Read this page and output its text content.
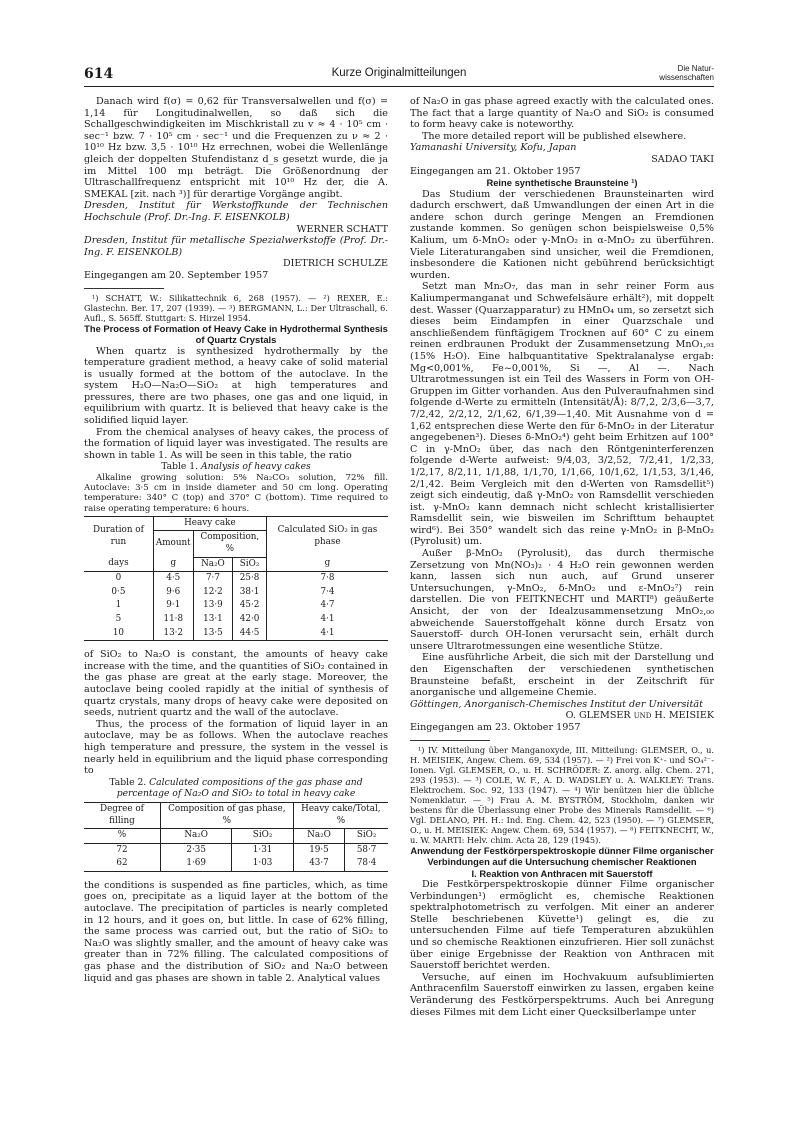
614	Kurze Originalmitteilungen	Die Natur-
wissenschaften

Danach wird f(σ) = 0,62 für Transversalwellen und f(σ) = 1,14 für Longitudinalwellen, so daß sich die Schallgeschwindigkeiten im Mischkristall zu v ≈ 4 · 10⁵ cm · sec⁻¹ bzw. 7 · 10⁵ cm · sec⁻¹ und die Frequenzen zu ν ≈ 2 · 10¹⁰ Hz bzw. 3,5 · 10¹⁰ Hz errechnen, wobei die Wellenlänge gleich der doppelten Stufendistanz d_s gesetzt wurde, die ja im Mittel 100 mμ beträgt. Die Größenordnung der Ultraschallfrequenz entspricht mit 10¹⁰ Hz der, die A. SMEKAL [zit. nach ³)] für derartige Vorgänge angibt.

Dresden, Institut für Werkstoffkunde der Technischen Hochschule (Prof. Dr.-Ing. F. EISENKOLB)

WERNER SCHATT

Dresden, Institut für metallische Spezialwerkstoffe (Prof. Dr.-Ing. F. EISENKOLB)

DIETRICH SCHULZE

Eingegangen am 20. September 1957

¹) SCHATT, W.: Silikattechnik 6, 268 (1957). — ²) REXER, E.: Glastechn. Ber. 17, 207 (1939). — ³) BERGMANN, L.: Der Ultraschall, 6. Aufl., S. 565ff. Stuttgart: S. Hirzel 1954.

The Process of Formation of Heavy Cake in Hydrothermal Synthesis of Quartz Crystals

When quartz is synthesized hydrothermally by the temperature gradient method, a heavy cake of solid material is usually formed at the bottom of the autoclave. In the system H₂O—Na₂O—SiO₂ at high temperatures and pressures, there are two phases, one gas and one liquid, in equilibrium with quartz. It is believed that heavy cake is the solidified liquid layer.

From the chemical analyses of heavy cakes, the process of the formation of liquid layer was investigated. The results are shown in table 1. As will be seen in this table, the ratio

Table 1. Analysis of heavy cakes

Alkaline growing solution: 5% Na₂CO₃ solution, 72% fill. Autoclave: 3·5 cm in inside diameter and 50 cm long. Operating temperature: 340° C (top) and 370° C (bottom). Time required to raise operating temperature: 6 hours.

Duration of run	Heavy cake			Calculated SiO₂ in gas phase
	Amount	Composition, %		
days	g	Na₂O	SiO₂	g
0	4·5	7·7	25·8	7·8
0·5	9·6	12·2	38·1	7·4
1	9·1	13·9	45·2	4·7
5	11·8	13·1	42·0	4·1
10	13·2	13·5	44·5	4·1

of SiO₂ to Na₂O is constant, the amounts of heavy cake increase with the time, and the quantities of SiO₂ contained in the gas phase are great at the early stage. Moreover, the autoclave being cooled rapidly at the initial of synthesis of quartz crystals, many drops of heavy cake were deposited on seeds, nutrient quartz and the wall of the autoclave.

Thus, the process of the formation of liquid layer in an autoclave, may be as follows. When the autoclave reaches high temperature and pressure, the system in the vessel is nearly held in equilibrium and the liquid phase corresponding to

Table 2. Calculated compositions of the gas phase and percentage of Na₂O and SiO₂ to total in heavy cake

Degree of filling	Composition of gas phase, %		Heavy cake/Total, %	
%	Na₂O	SiO₂	Na₂O	SiO₂
72	2·35	1·31	19·5	58·7
62	1·69	1·03	43·7	78·4

the conditions is suspended as fine particles, which, as time goes on, precipitate as a liquid layer at the bottom of the autoclave. The precipitation of particles is nearly completed in 12 hours, and it goes on, but little. In case of 62% filling, the same process was carried out, but the ratio of SiO₂ to Na₂O was slightly smaller, and the amount of heavy cake was greater than in 72% filling. The calculated compositions of gas phase and the distribution of SiO₂ and Na₂O between liquid and gas phases are shown in table 2. Analytical values

of Na₂O in gas phase agreed exactly with the calculated ones. The fact that a large quantity of Na₂O and SiO₂ is consumed to form heavy cake is noteworthy.

The more detailed report will be published elsewhere.

Yamanashi University, Kofu, Japan

SADAO TAKI

Eingegangen am 21. Oktober 1957

Reine synthetische Braunsteine ¹)

Das Studium der verschiedenen Braunsteinarten wird dadurch erschwert, daß Umwandlungen der einen Art in die andere schon durch geringe Mengen an Fremdionen zustande kommen. So genügen schon beispielsweise 0,5% Kalium, um δ-MnO₂ oder γ-MnO₂ in α-MnO₂ zu überführen. Viele Literaturangaben sind unsicher, weil die Fremdionen, insbesondere die Kationen nicht gebührend berücksichtigt wurden.

Setzt man Mn₂O₇, das man in sehr reiner Form aus Kaliumpermanganat und Schwefelsäure erhält²), mit doppelt dest. Wasser (Quarzapparatur) zu HMnO₄ um, so zersetzt sich dieses beim Eindampfen in einer Quarzschale und anschließendem fünftägigem Trocknen auf 60° C zu einem reinen erdbraunen Produkt der Zusammensetzung MnO₁,₉₃ (15% H₂O). Eine halbquantitative Spektralanalyse ergab: Mg<0,001%, Fe~0,001%, Si —, Al —. Nach Ultrarotmessungen ist ein Teil des Wassers in Form von OH-Gruppen im Gitter vorhanden. Aus den Pulveraufnahmen sind folgende d-Werte zu ermitteln (Intensität/Å): 8/7,2, 2/3,6—3,7, 7/2,42, 2/2,12, 2/1,62, 6/1,39—1,40. Mit Ausnahme von d = 1,62 entsprechen diese Werte den für δ-MnO₂ in der Literatur angegebenen³). Dieses δ-MnO₂⁴) geht beim Erhitzen auf 100° C in γ-MnO₂ über, das nach den Röntgeninterferenzen folgende d-Werte aufweist: 9/4,03, 3/2,52, 7/2,41, 1/2,33, 1/2,17, 8/2,11, 1/1,88, 1/1,70, 1/1,66, 10/1,62, 1/1,53, 3/1,46, 2/1,42. Beim Vergleich mit den d-Werten von Ramsdellit⁵) zeigt sich eindeutig, daß γ-MnO₂ von Ramsdellit verschieden ist. γ-MnO₂ kann demnach nicht schlecht kristallisierter Ramsdellit sein, wie bisweilen im Schrifttum behauptet wird⁶). Bei 350° wandelt sich das reine γ-MnO₂ in β-MnO₂ (Pyrolusit) um.

Außer β-MnO₂ (Pyrolusit), das durch thermische Zersetzung von Mn(NO₃)₂ · 4 H₂O rein gewonnen werden kann, lassen sich nun auch, auf Grund unserer Untersuchungen, γ-MnO₂, δ-MnO₂ und ε-MnO₂⁷) rein darstellen. Die von FEITKNECHT und MARTI⁸) geäußerte Ansicht, der von der Idealzusammensetzung MnO₂,₀₀ abweichende Sauerstoffgehalt könne durch Ersatz von Sauerstoff- durch OH-Ionen verursacht sein, erhält durch unsere Ultrarotmessungen eine wesentliche Stütze.

Eine ausführliche Arbeit, die sich mit der Darstellung und den Eigenschaften der verschiedenen synthetischen Braunsteine befaßt, erscheint in der Zeitschrift für anorganische und allgemeine Chemie.

Göttingen, Anorganisch-Chemisches Institut der Universität

O. GLEMSER und H. MEISIEK

Eingegangen am 23. Oktober 1957

¹) IV. Mitteilung über Manganoxyde, III. Mitteilung: GLEMSER, O., u. H. MEISIEK, Angew. Chem. 69, 534 (1957). — ²) Frei von K⁺- und SO₄²⁻-Ionen. Vgl. GLEMSER, O., u. H. SCHRÖDER: Z. anorg. allg. Chem. 271, 293 (1953). — ³) COLE, W. F., A. D. WADSLEY u. A. WALKLEY: Trans. Elektrochem. Soc. 92, 133 (1947). — ⁴) Wir benützen hier die übliche Nomenklatur. — ⁵) Frau A. M. BYSTRÖM, Stockholm, danken wir bestens für die Überlassung einer Probe des Minerals Ramsdellit. — ⁶) Vgl. DELANO, PH. H.: Ind. Eng. Chem. 42, 523 (1950). — ⁷) GLEMSER, O., u. H. MEISIEK: Angew. Chem. 69, 534 (1957). — ⁸) FEITKNECHT, W., u. W. MARTI: Helv. chim. Acta 28, 129 (1945).

Anwendung der Festkörperspektroskopie dünner Filme organischer Verbindungen auf die Untersuchung chemischer Reaktionen
I. Reaktion von Anthracen mit Sauerstoff

Die Festkörperspektroskopie dünner Filme organischer Verbindungen¹) ermöglicht es, chemische Reaktionen spektralphotometrisch zu verfolgen. Mit einer an anderer Stelle beschriebenen Küvette¹) gelingt es, die zu untersuchenden Filme auf tiefe Temperaturen abzukühlen und so chemische Reaktionen einzufrieren. Hier soll zunächst über einige Ergebnisse der Reaktion von Anthracen mit Sauerstoff berichtet werden.

Versuche, auf einen im Hochvakuum aufsublimierten Anthracenfilm Sauerstoff einwirken zu lassen, ergaben keine Veränderung des Festkörperspektrums. Auch bei Anregung dieses Filmes mit dem Licht einer Quecksilberlampe unter
